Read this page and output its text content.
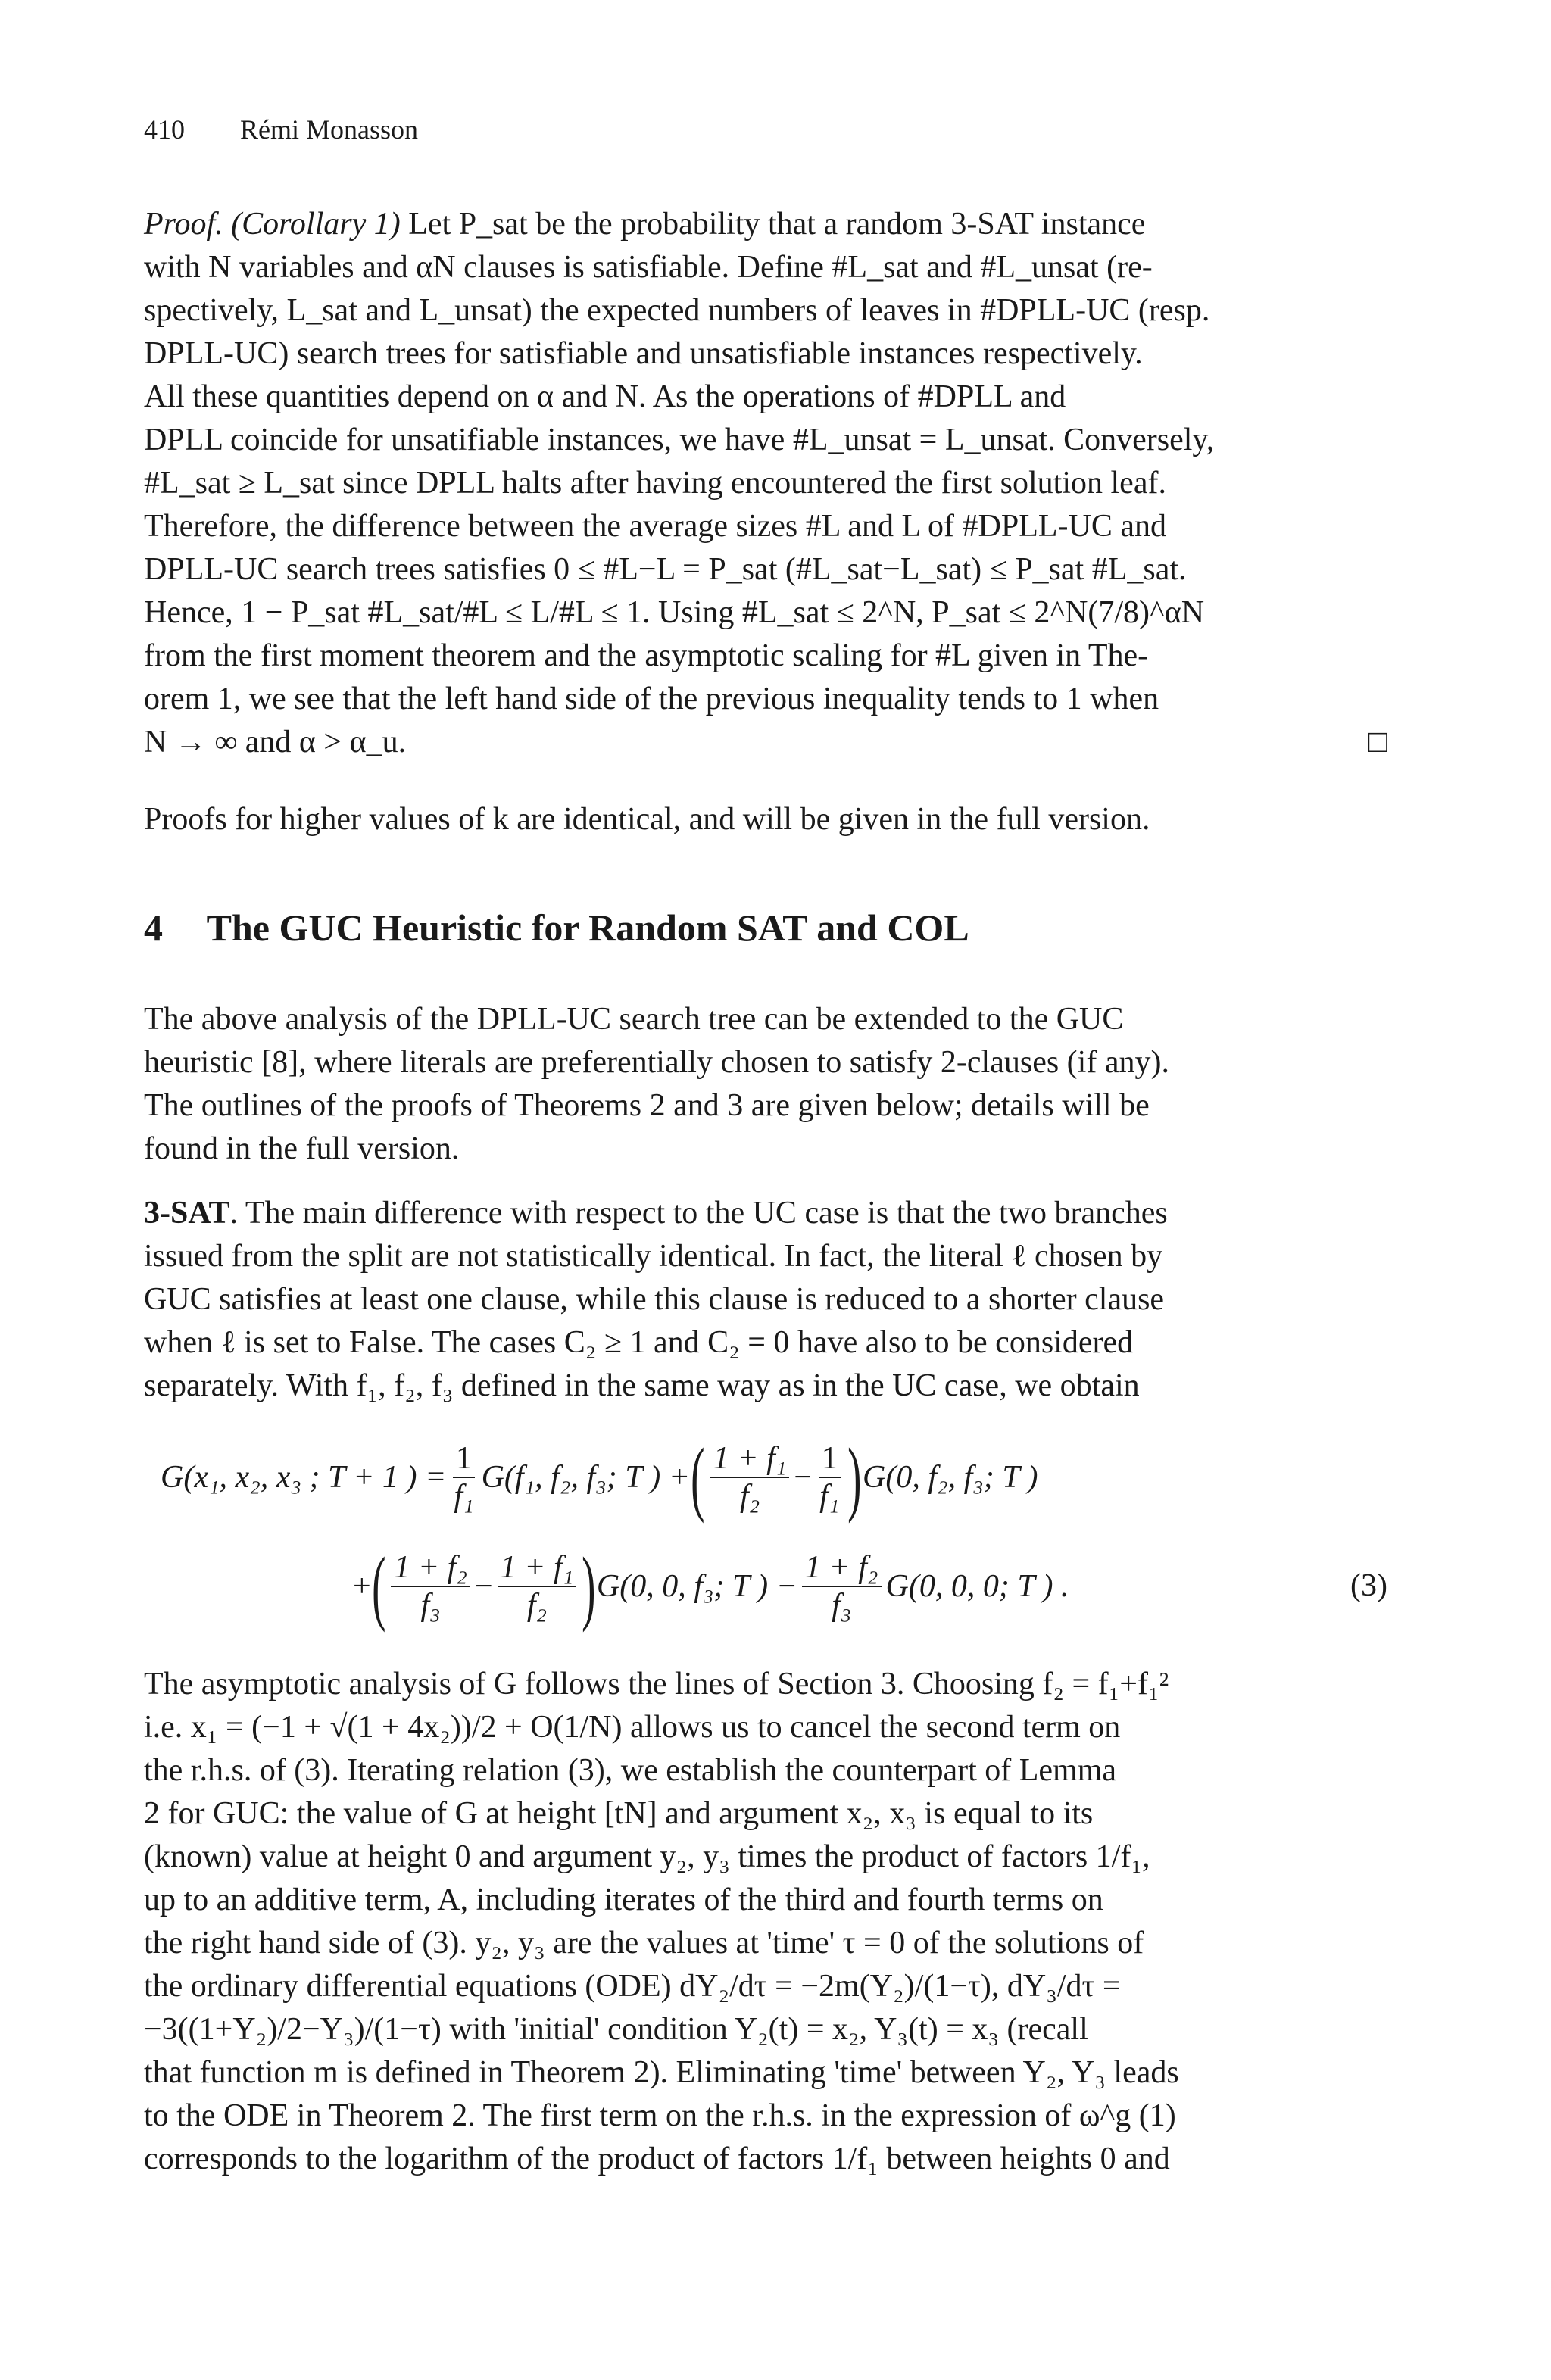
410 Rémi Monasson
Proof. (Corollary 1) Let P_sat be the probability that a random 3-SAT instance
with N variables and αN clauses is satisfiable. Define #L_sat and #L_unsat (re-
spectively, L_sat and L_unsat) the expected numbers of leaves in #DPLL-UC (resp.
DPLL-UC) search trees for satisfiable and unsatisfiable instances respectively.
All these quantities depend on α and N. As the operations of #DPLL and
DPLL coincide for unsatifiable instances, we have #L_unsat = L_unsat. Conversely,
#L_sat ≥ L_sat since DPLL halts after having encountered the first solution leaf.
Therefore, the difference between the average sizes #L and L of #DPLL-UC and
DPLL-UC search trees satisfies 0 ≤ #L−L = P_sat (#L_sat−L_sat) ≤ P_sat #L_sat.
Hence, 1 − P_sat #L_sat/#L ≤ L/#L ≤ 1. Using #L_sat ≤ 2^N, P_sat ≤ 2^N(7/8)^αN
from the first moment theorem and the asymptotic scaling for #L given in The-
orem 1, we see that the left hand side of the previous inequality tends to 1 when
N → ∞ and α > α_u.	□
Proofs for higher values of k are identical, and will be given in the full version.
4 The GUC Heuristic for Random SAT and COL
The above analysis of the DPLL-UC search tree can be extended to the GUC
heuristic [8], where literals are preferentially chosen to satisfy 2-clauses (if any).
The outlines of the proofs of Theorems 2 and 3 are given below; details will be
found in the full version.
3-SAT. The main difference with respect to the UC case is that the two branches
issued from the split are not statistically identical. In fact, the literal ℓ chosen by
GUC satisfies at least one clause, while this clause is reduced to a shorter clause
when ℓ is set to False. The cases C₂ ≥ 1 and C₂ = 0 have also to be considered
separately. With f₁, f₂, f₃ defined in the same way as in the UC case, we obtain
G(x₁, x₂, x₃ ; T + 1 ) = $\frac{1}{\text{f₁}} G(f_1$, f₂, f₃; T ) + ( $\frac{\text{1 + f₁}}{\text{f₂}} - \frac{1}{\text{f₁}}$ ) G(0, f₂, f₃; T )
+ ( $\frac{\text{1 + f₂}}{\text{f₃}} - \frac{\text{1 + f₁}}{\text{f₂}}$ ) G(0, 0, f₃; T ) − $\frac{\text{1 + f₂}}{\text{f₃}} G(0$, 0, 0; T ) .	(3)
The asymptotic analysis of G follows the lines of Section 3. Choosing f₂ = f₁+f₁²
i.e. x₁ = (−1 + √(1 + 4x₂))/2 + O(1/N) allows us to cancel the second term on
the r.h.s. of (3). Iterating relation (3), we establish the counterpart of Lemma
2 for GUC: the value of G at height [tN] and argument x₂, x₃ is equal to its
(known) value at height 0 and argument y₂, y₃ times the product of factors 1/f₁,
up to an additive term, A, including iterates of the third and fourth terms on
the right hand side of (3). y₂, y₃ are the values at 'time' τ = 0 of the solutions of
the ordinary differential equations (ODE) dY₂/dτ = −2m(Y₂)/(1−τ), dY₃/dτ =
−3((1+Y₂)/2−Y₃)/(1−τ) with 'initial' condition Y₂(t) = x₂, Y₃(t) = x₃ (recall
that function m is defined in Theorem 2). Eliminating 'time' between Y₂, Y₃ leads
to the ODE in Theorem 2. The first term on the r.h.s. in the expression of ω^g (1)
corresponds to the logarithm of the product of factors 1/f₁ between heights 0 and
